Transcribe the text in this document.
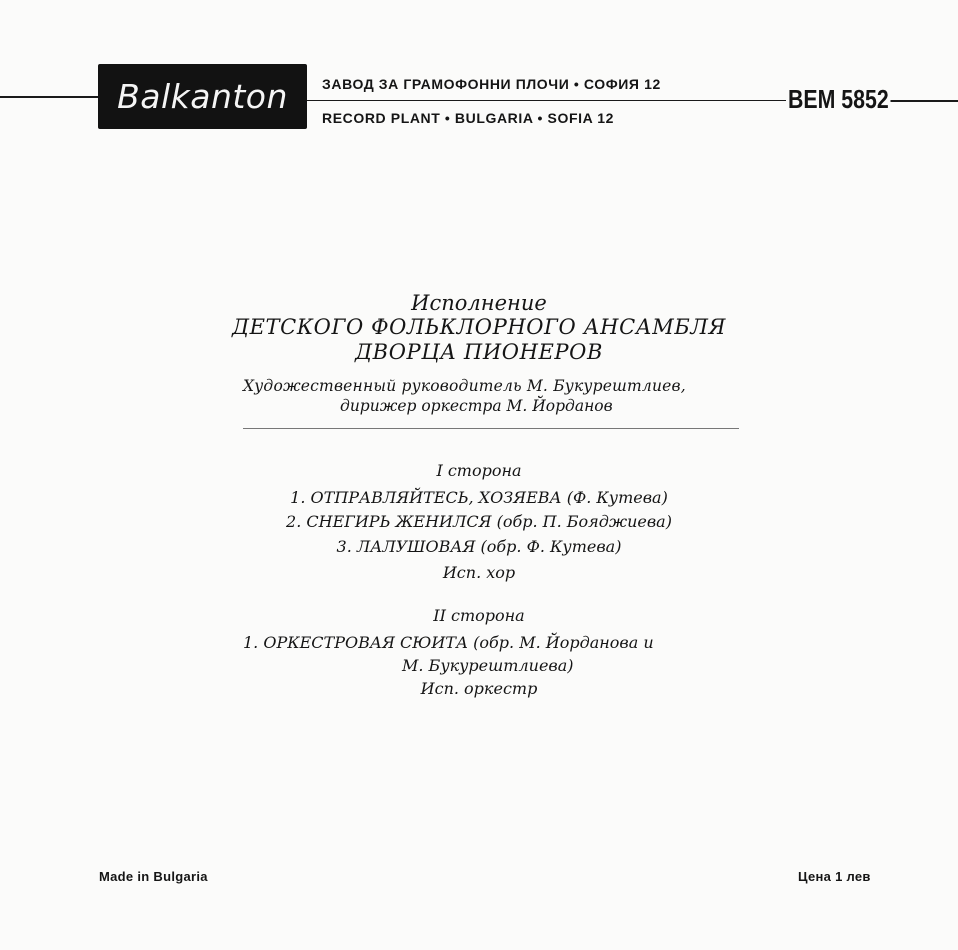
Balkanton ЗАВОД ЗА ГРАМОФОННИ ПЛОЧИ • СОФИЯ 12
RECORD PLANT • BULGARIA • SOFIA 12
BEM 5852
Исполнение
ДЕТСКОГО ФОЛЬКЛОРНОГО АНСАМБЛЯ
ДВОРЦА ПИОНЕРОВ
Художественный руководитель М. Букурештлиев,
дирижер оркестра М. Йорданов
I сторона
1. ОТПРАВЛЯЙТЕСЬ, ХОЗЯЕВА (Ф. Кутева)
2. СНЕГИРЬ ЖЕНИЛСЯ (обр. П. Бояджиева)
3. ЛАЛУШОВАЯ (обр. Ф. Кутева)
Исп. хор
II сторона
1. ОРКЕСТРОВАЯ СЮИТА (обр. М. Йорданова и
М. Букурештлиева)
Исп. оркестр
Made in Bulgaria	Цена 1 лев
